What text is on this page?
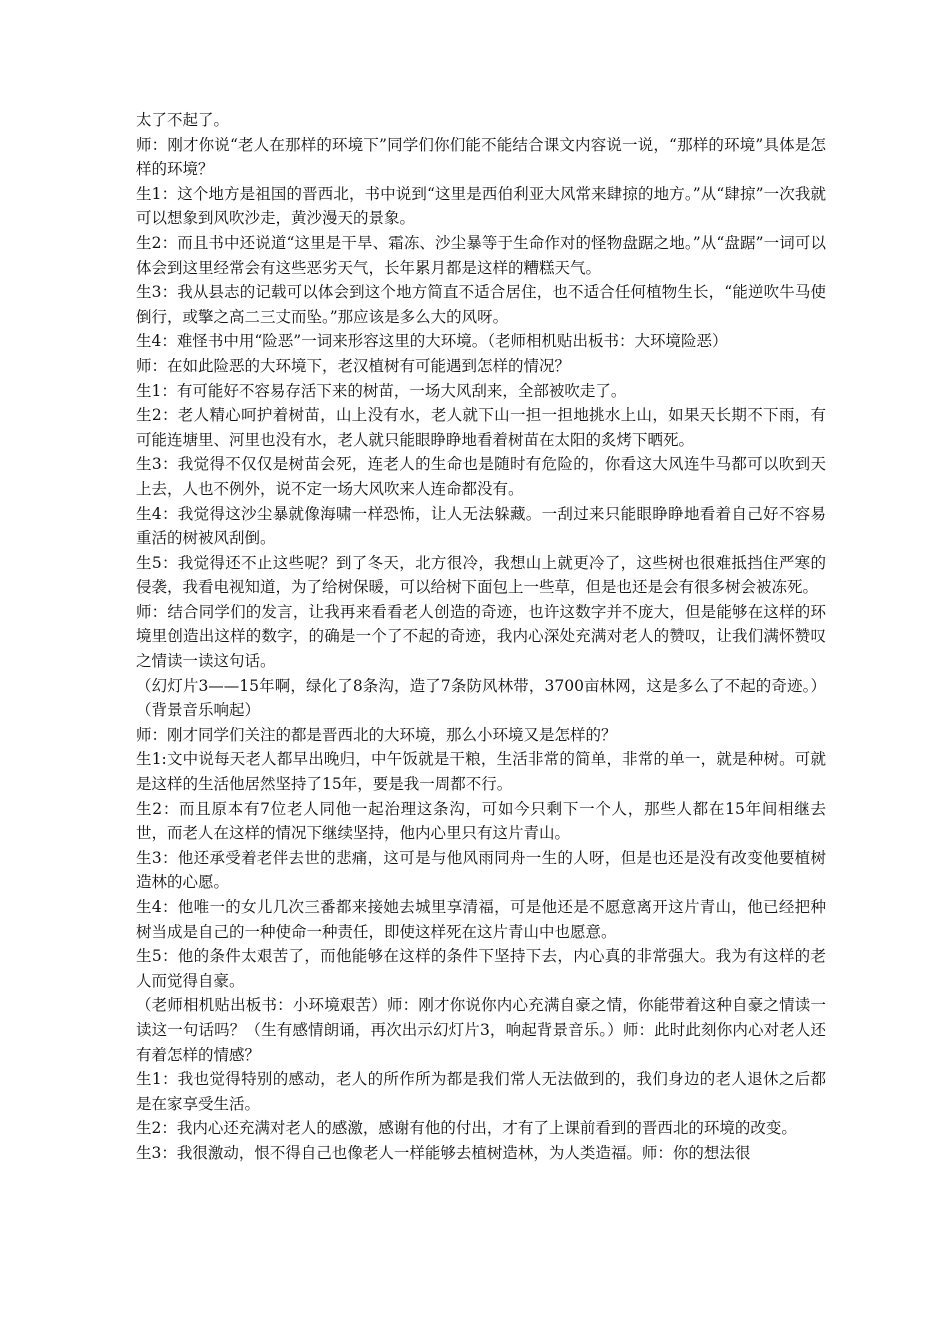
太了不起了。

师：刚才你说“老人在那样的环境下”同学们你们能不能结合课文内容说一说，“那样的环境”具体是怎样的环境？

生1：这个地方是祖国的晋西北，书中说到“这里是西伯利亚大风常来肆掠的地方。”从“肆掠”一次我就可以想象到风吹沙走，黄沙漫天的景象。

生2：而且书中还说道“这里是干旱、霜冻、沙尘暴等于生命作对的怪物盘踞之地。”从“盘踞”一词可以体会到这里经常会有这些恶劣天气，长年累月都是这样的糟糕天气。

生3：我从县志的记载可以体会到这个地方简直不适合居住，也不适合任何植物生长，“能逆吹牛马使倒行，或擎之高二三丈而坠。”那应该是多么大的风呀。

生4：难怪书中用“险恶”一词来形容这里的大环境。（老师相机贴出板书：大环境险恶）

师：在如此险恶的大环境下，老汉植树有可能遇到怎样的情况？

生1：有可能好不容易存活下来的树苗，一场大风刮来，全部被吹走了。

生2：老人精心呵护着树苗，山上没有水，老人就下山一担一担地挑水上山，如果天长期不下雨，有可能连塘里、河里也没有水，老人就只能眼睁睁地看着树苗在太阳的炙烤下晒死。

生3：我觉得不仅仅是树苗会死，连老人的生命也是随时有危险的，你看这大风连牛马都可以吹到天上去，人也不例外，说不定一场大风吹来人连命都没有。

生4：我觉得这沙尘暴就像海啸一样恐怖，让人无法躲藏。一刮过来只能眼睁睁地看着自己好不容易重活的树被风刮倒。

生5：我觉得还不止这些呢？到了冬天，北方很冷，我想山上就更冷了，这些树也很难抵挡住严寒的侵袭，我看电视知道，为了给树保暖，可以给树下面包上一些草，但是也还是会有很多树会被冻死。

师：结合同学们的发言，让我再来看看老人创造的奇迹，也许这数字并不庞大，但是能够在这样的环境里创造出这样的数字，的确是一个了不起的奇迹，我内心深处充满对老人的赞叹，让我们满怀赞叹之情读一读这句话。

（幻灯片3——15年啊，绿化了8条沟，造了7条防风林带，3700亩林网，这是多么了不起的奇迹。）（背景音乐响起）

师：刚才同学们关注的都是晋西北的大环境，那么小环境又是怎样的？

生1:文中说每天老人都早出晚归，中午饭就是干粮，生活非常的简单，非常的单一，就是种树。可就是这样的生活他居然坚持了15年，要是我一周都不行。

生2：而且原本有7位老人同他一起治理这条沟，可如今只剩下一个人，那些人都在15年间相继去世，而老人在这样的情况下继续坚持，他内心里只有这片青山。

生3：他还承受着老伴去世的悲痛，这可是与他风雨同舟一生的人呀，但是也还是没有改变他要植树造林的心愿。

生4：他唯一的女儿几次三番都来接她去城里享清福，可是他还是不愿意离开这片青山，他已经把种树当成是自己的一种使命一种责任，即使这样死在这片青山中也愿意。

生5：他的条件太艰苦了，而他能够在这样的条件下坚持下去，内心真的非常强大。我为有这样的老人而觉得自豪。

（老师相机贴出板书：小环境艰苦）师：刚才你说你内心充满自豪之情，你能带着这种自豪之情读一读这一句话吗？（生有感情朗诵，再次出示幻灯片3，响起背景音乐。）师：此时此刻你内心对老人还有着怎样的情感？

生1：我也觉得特别的感动，老人的所作所为都是我们常人无法做到的，我们身边的老人退休之后都是在家享受生活。

生2：我内心还充满对老人的感激，感谢有他的付出，才有了上课前看到的晋西北的环境的改变。

生3：我很激动，恨不得自己也像老人一样能够去植树造林，为人类造福。师：你的想法很
